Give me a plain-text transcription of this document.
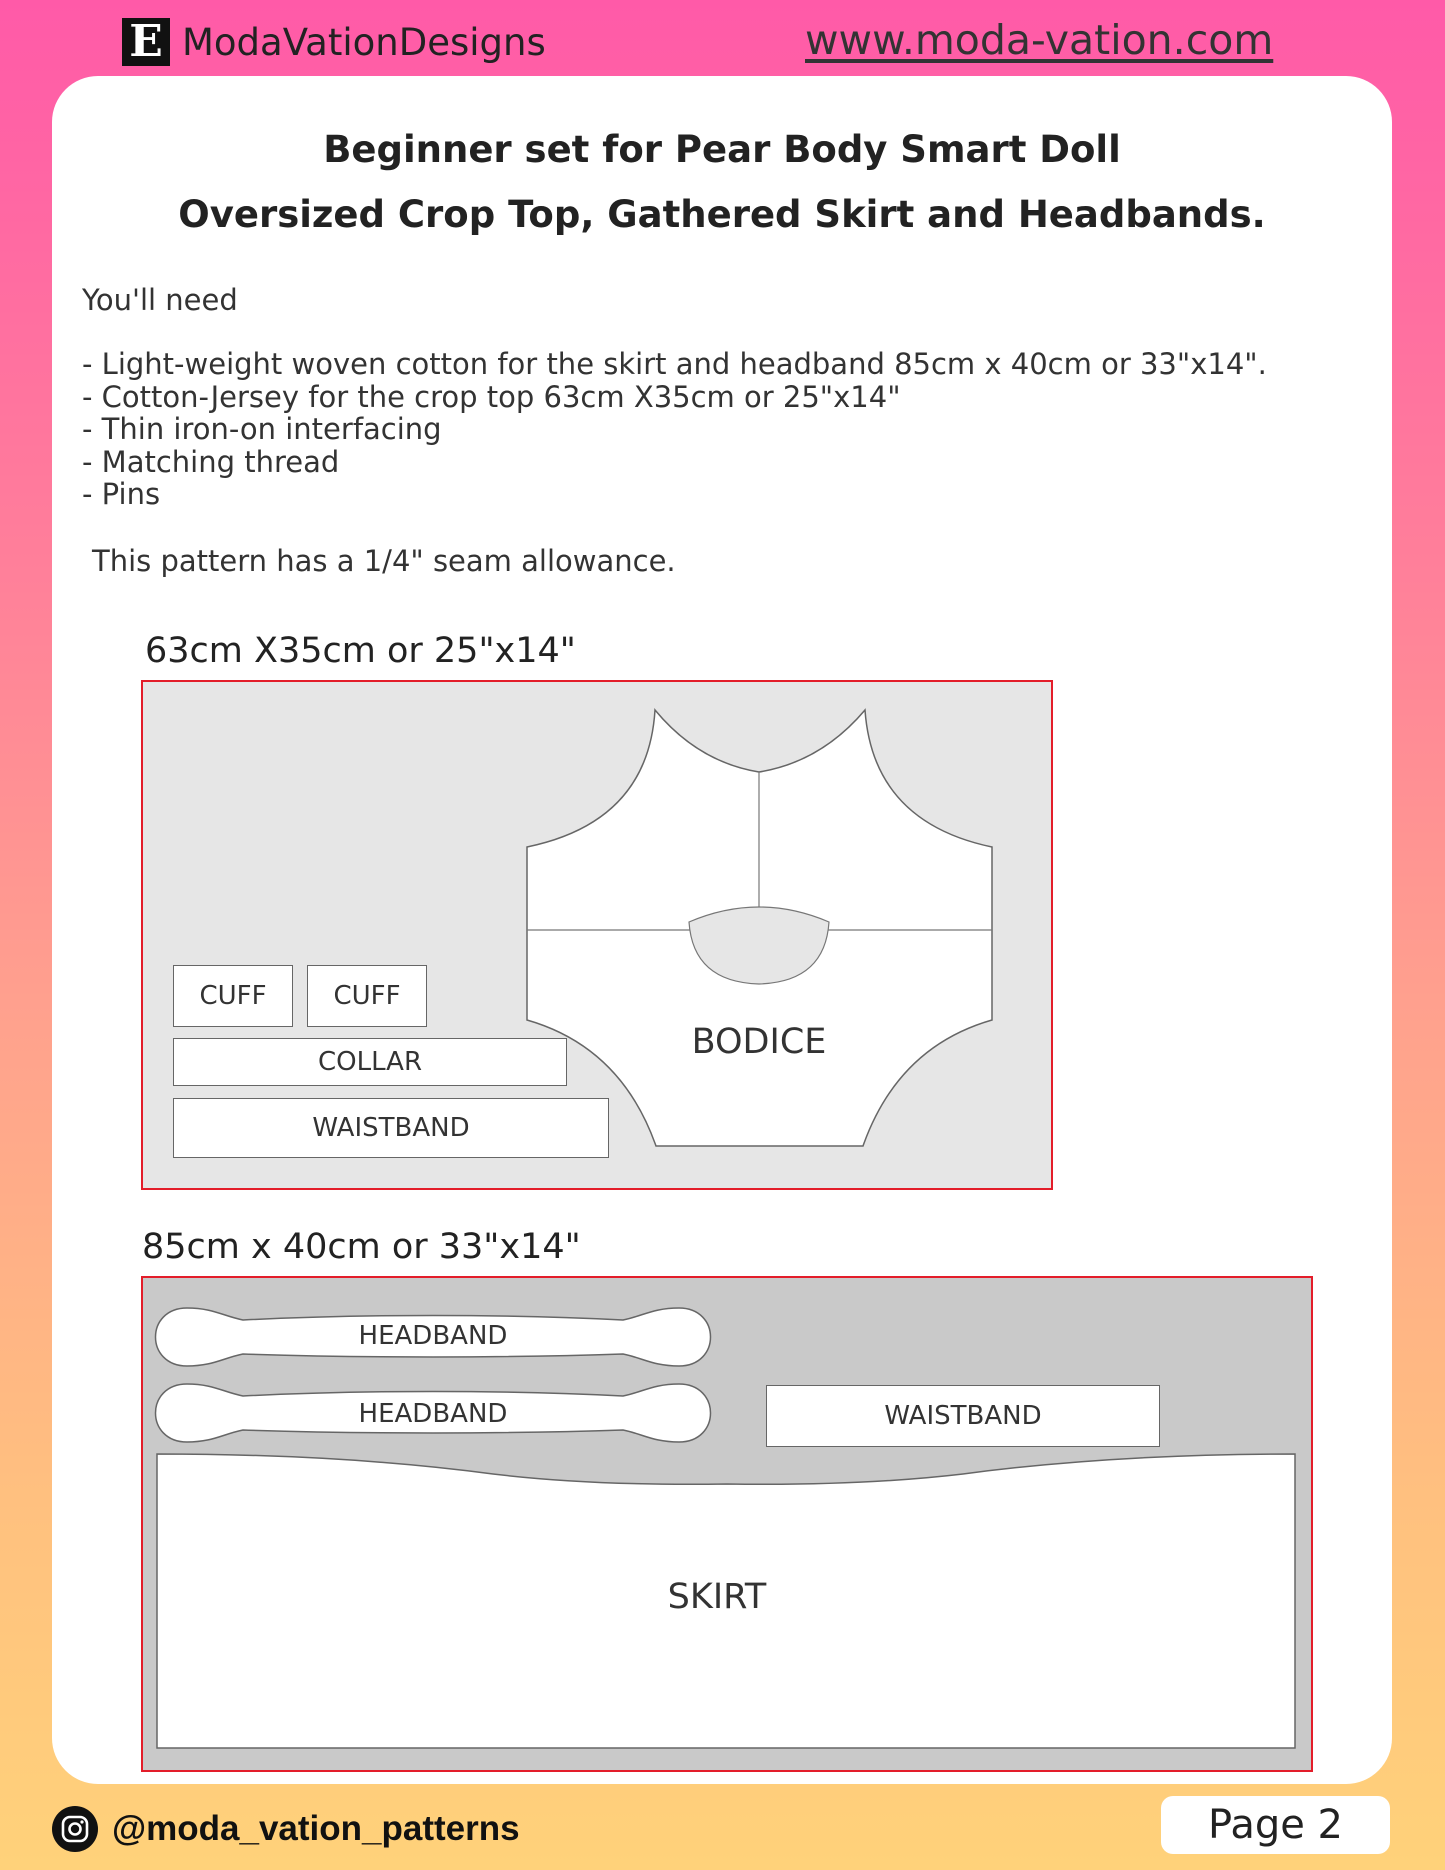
E ModaVationDesigns	www.moda-vation.com
Beginner set for Pear Body Smart Doll
Oversized Crop Top, Gathered Skirt and Headbands.
You'll need
- Light-weight woven cotton for the skirt and headband 85cm x 40cm or 33"x14".
- Cotton-Jersey for the crop top 63cm X35cm or 25"x14"
- Thin iron-on interfacing
- Matching thread
- Pins
This pattern has a 1/4" seam allowance.
63cm X35cm or 25"x14"
CUFF	CUFF
COLLAR
WAISTBAND
BODICE
85cm x 40cm or 33"x14"
HEADBAND
HEADBAND	WAISTBAND
SKIRT
@moda_vation_patterns	Page 2
